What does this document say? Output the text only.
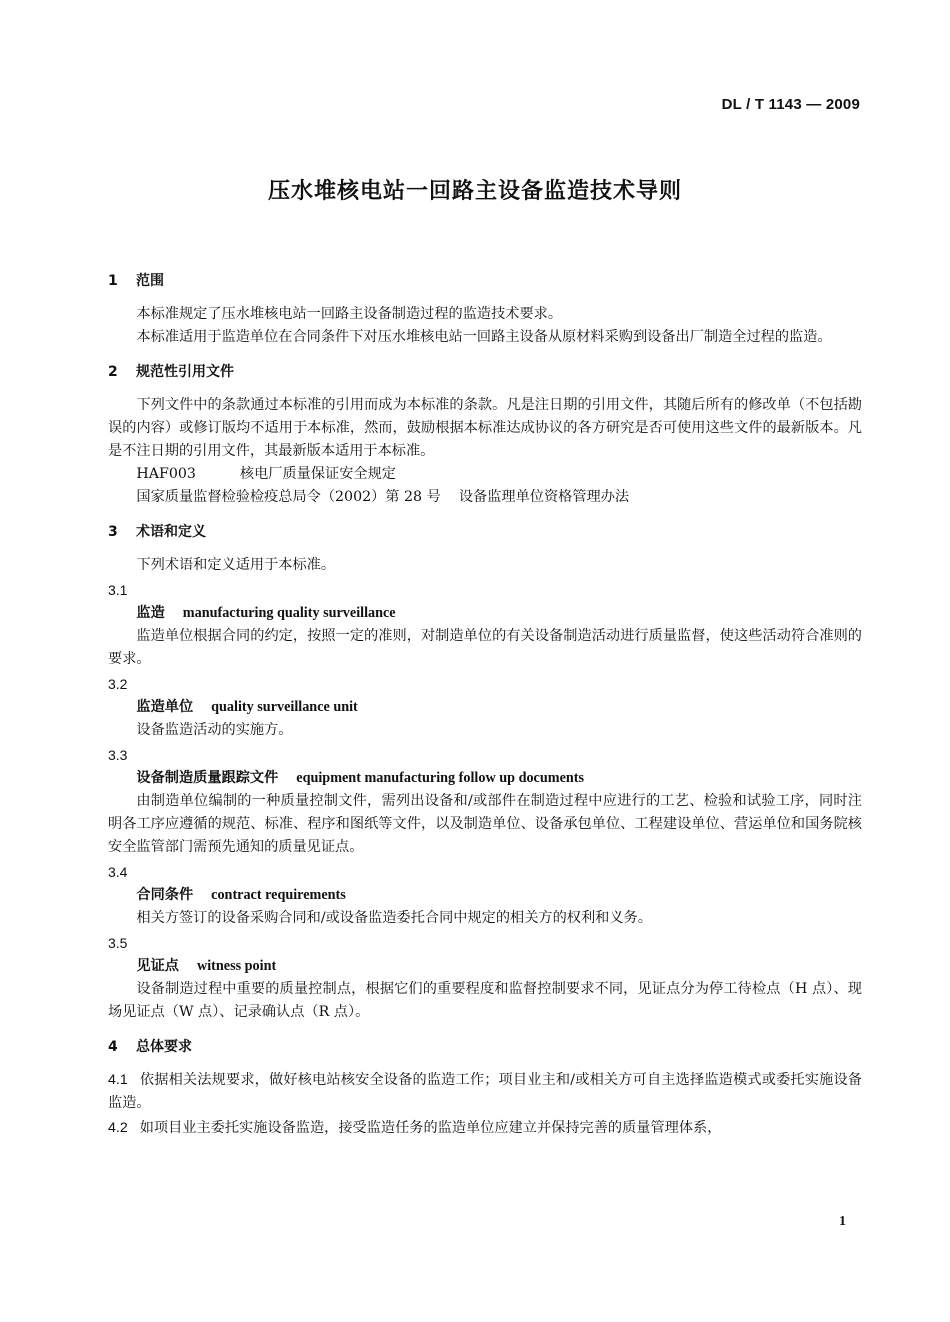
DL / T 1143 — 2009
压水堆核电站一回路主设备监造技术导则
1 范围

本标准规定了压水堆核电站一回路主设备制造过程的监造技术要求。

本标准适用于监造单位在合同条件下对压水堆核电站一回路主设备从原材料采购到设备出厂制造全过程的监造。

2 规范性引用文件

下列文件中的条款通过本标准的引用而成为本标准的条款。凡是注日期的引用文件，其随后所有的修改单（不包括勘误的内容）或修订版均不适用于本标准，然而，鼓励根据本标准达成协议的各方研究是否可使用这些文件的最新版本。凡是不注日期的引用文件，其最新版本适用于本标准。

HAF003	核电厂质量保证安全规定

国家质量监督检验检疫总局令（2002）第 28 号 设备监理单位资格管理办法

3 术语和定义

下列术语和定义适用于本标准。

3.1

监造 manufacturing quality surveillance

监造单位根据合同的约定，按照一定的准则，对制造单位的有关设备制造活动进行质量监督，使这些活动符合准则的要求。

3.2

监造单位 quality surveillance unit

设备监造活动的实施方。

3.3

设备制造质量跟踪文件 equipment manufacturing follow up documents

由制造单位编制的一种质量控制文件，需列出设备和/或部件在制造过程中应进行的工艺、检验和试验工序，同时注明各工序应遵循的规范、标准、程序和图纸等文件，以及制造单位、设备承包单位、工程建设单位、营运单位和国务院核安全监管部门需预先通知的质量见证点。

3.4

合同条件 contract requirements

相关方签订的设备采购合同和/或设备监造委托合同中规定的相关方的权利和义务。

3.5

见证点 witness point

设备制造过程中重要的质量控制点，根据它们的重要程度和监督控制要求不同，见证点分为停工待检点（H 点）、现场见证点（W 点）、记录确认点（R 点）。

4 总体要求

4.1 依据相关法规要求，做好核电站核安全设备的监造工作；项目业主和/或相关方可自主选择监造模式或委托实施设备监造。

4.2 如项目业主委托实施设备监造，接受监造任务的监造单位应建立并保持完善的质量管理体系，

1
